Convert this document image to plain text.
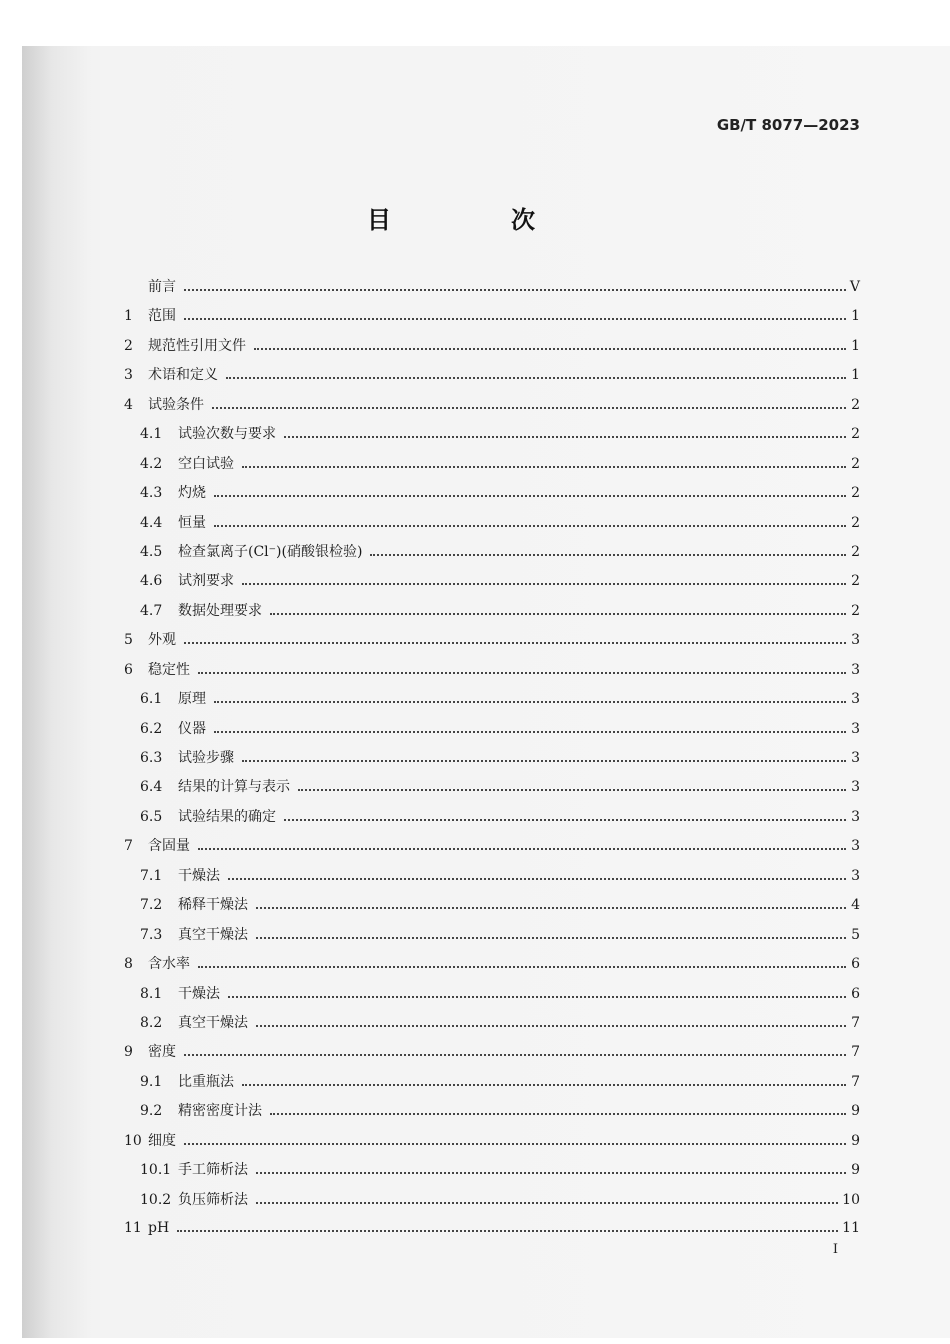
GB/T 8077—2023
目　次
前言	V
1	范围	1
2	规范性引用文件	1
3	术语和定义	1
4	试验条件	2
4.1	试验次数与要求	2
4.2	空白试验	2
4.3	灼烧	2
4.4	恒量	2
4.5	检查氯离子(Cl⁻)(硝酸银检验)	2
4.6	试剂要求	2
4.7	数据处理要求	2
5	外观	3
6	稳定性	3
6.1	原理	3
6.2	仪器	3
6.3	试验步骤	3
6.4	结果的计算与表示	3
6.5	试验结果的确定	3
7	含固量	3
7.1	干燥法	3
7.2	稀释干燥法	4
7.3	真空干燥法	5
8	含水率	6
8.1	干燥法	6
8.2	真空干燥法	7
9	密度	7
9.1	比重瓶法	7
9.2	精密密度计法	9
10 细度	9
10.1 手工筛析法	9
10.2 负压筛析法	10
11 pH	11
I
